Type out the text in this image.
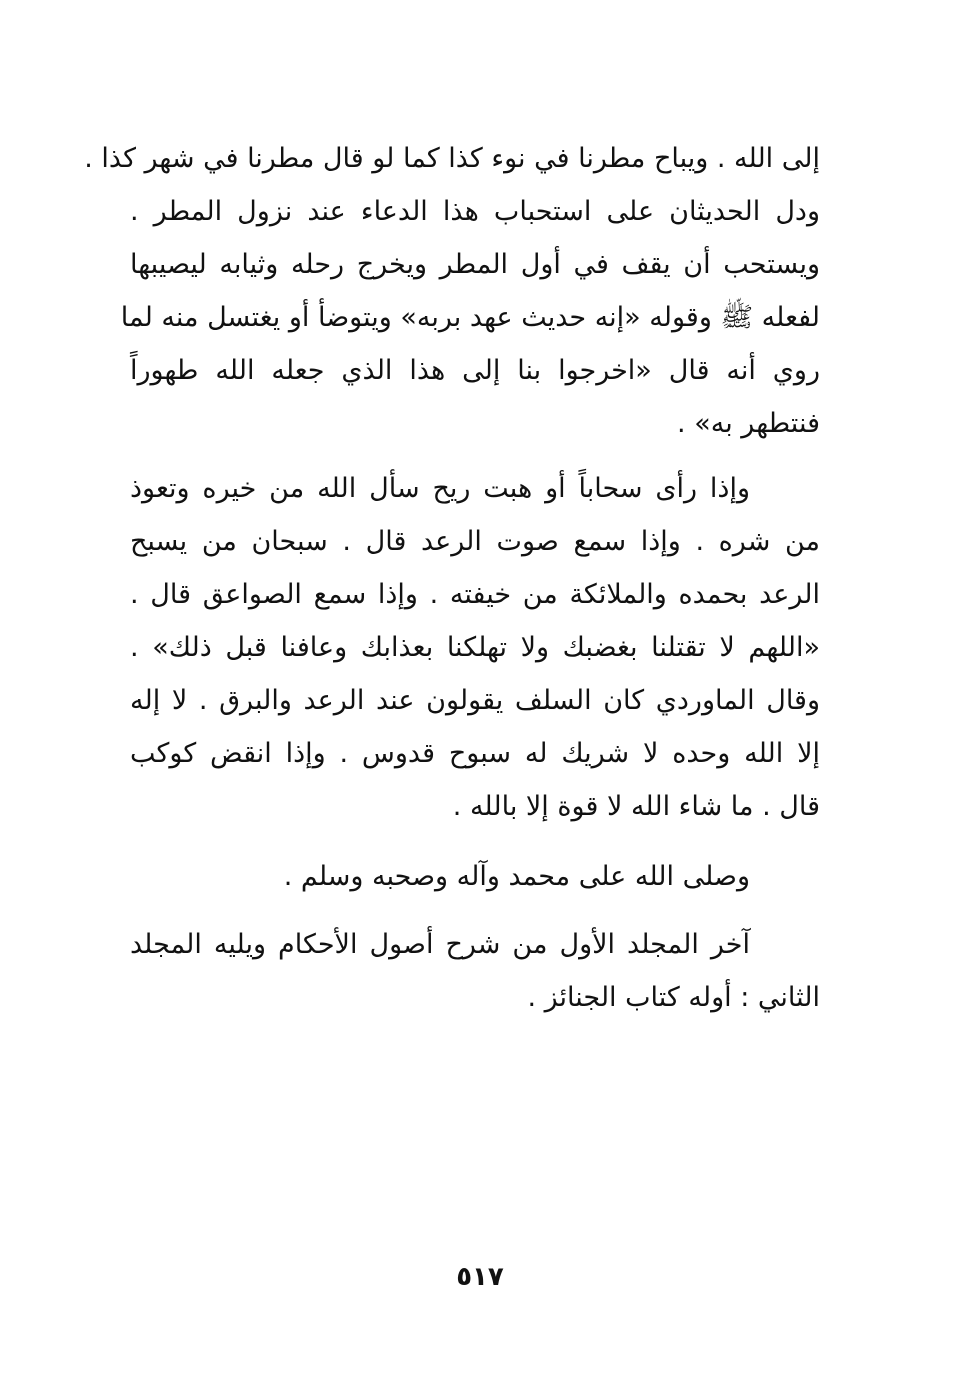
إلى الله . ويباح مطرنا في نوء كذا كما لو قال مطرنا في شهر كذا .
ودل الحديثان على استحباب هذا الدعاء عند نزول المطر .
ويستحب أن يقف في أول المطر ويخرج رحله وثيابه ليصيبها
لفعله ﷺ وقوله «إنه حديث عهد بربه» ويتوضأ أو يغتسل منه لما
روي أنه قال «اخرجوا بنا إلى هذا الذي جعله الله طهوراً
فنتطهر به» .
وإذا رأى سحاباً أو هبت ريح سأل الله من خيره وتعوذ
من شره . وإذا سمع صوت الرعد قال . سبحان من يسبح
الرعد بحمده والملائكة من خيفته . وإذا سمع الصواعق قال .
«اللهم لا تقتلنا بغضبك ولا تهلكنا بعذابك وعافنا قبل ذلك» .
وقال الماوردي كان السلف يقولون عند الرعد والبرق . لا إله
إلا الله وحده لا شريك له سبوح قدوس . وإذا انقض كوكب
قال . ما شاء الله لا قوة إلا بالله .
وصلى الله على محمد وآله وصحبه وسلم .
آخر المجلد الأول من شرح أصول الأحكام ويليه المجلد
الثاني : أوله كتاب الجنائز .
٥١٧
